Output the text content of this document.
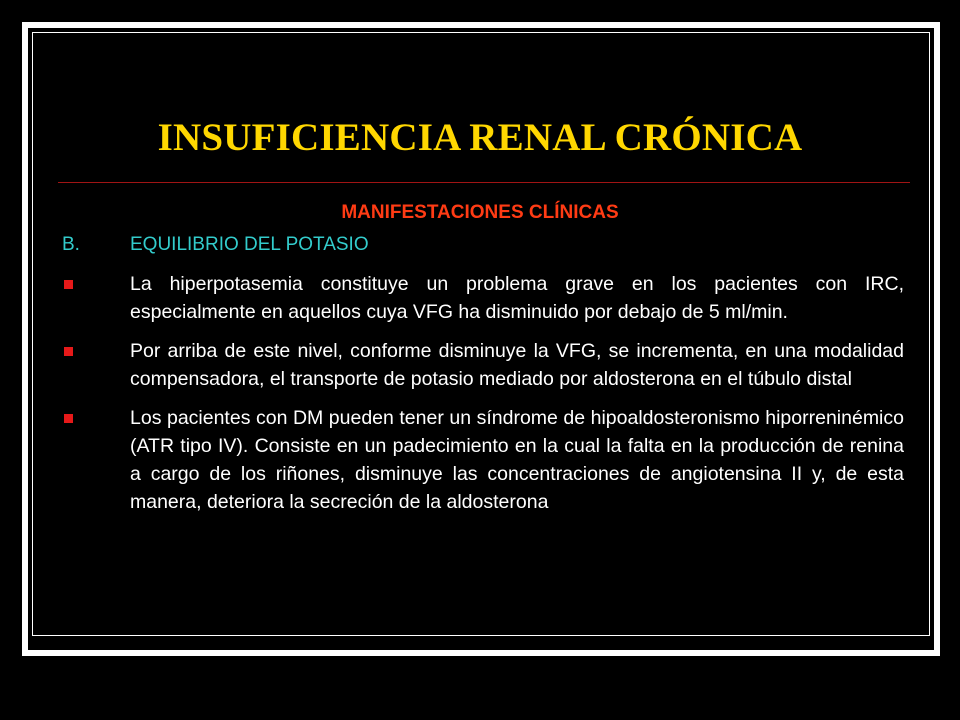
INSUFICIENCIA RENAL CRÓNICA
MANIFESTACIONES CLÍNICAS
B.	EQUILIBRIO DEL POTASIO
La hiperpotasemia constituye un problema grave en los pacientes con IRC, especialmente en aquellos cuya VFG ha disminuido por debajo de 5 ml/min.
Por arriba de este nivel, conforme disminuye la VFG, se incrementa, en una modalidad compensadora, el transporte de potasio mediado por aldosterona en el túbulo distal
Los pacientes con DM pueden tener un síndrome de hipoaldosteronismo hiporreninémico (ATR tipo IV). Consiste en un padecimiento en la cual la falta en la producción de renina a cargo de los riñones, disminuye las concentraciones de angiotensina II y, de esta manera, deteriora la secreción de la aldosterona
